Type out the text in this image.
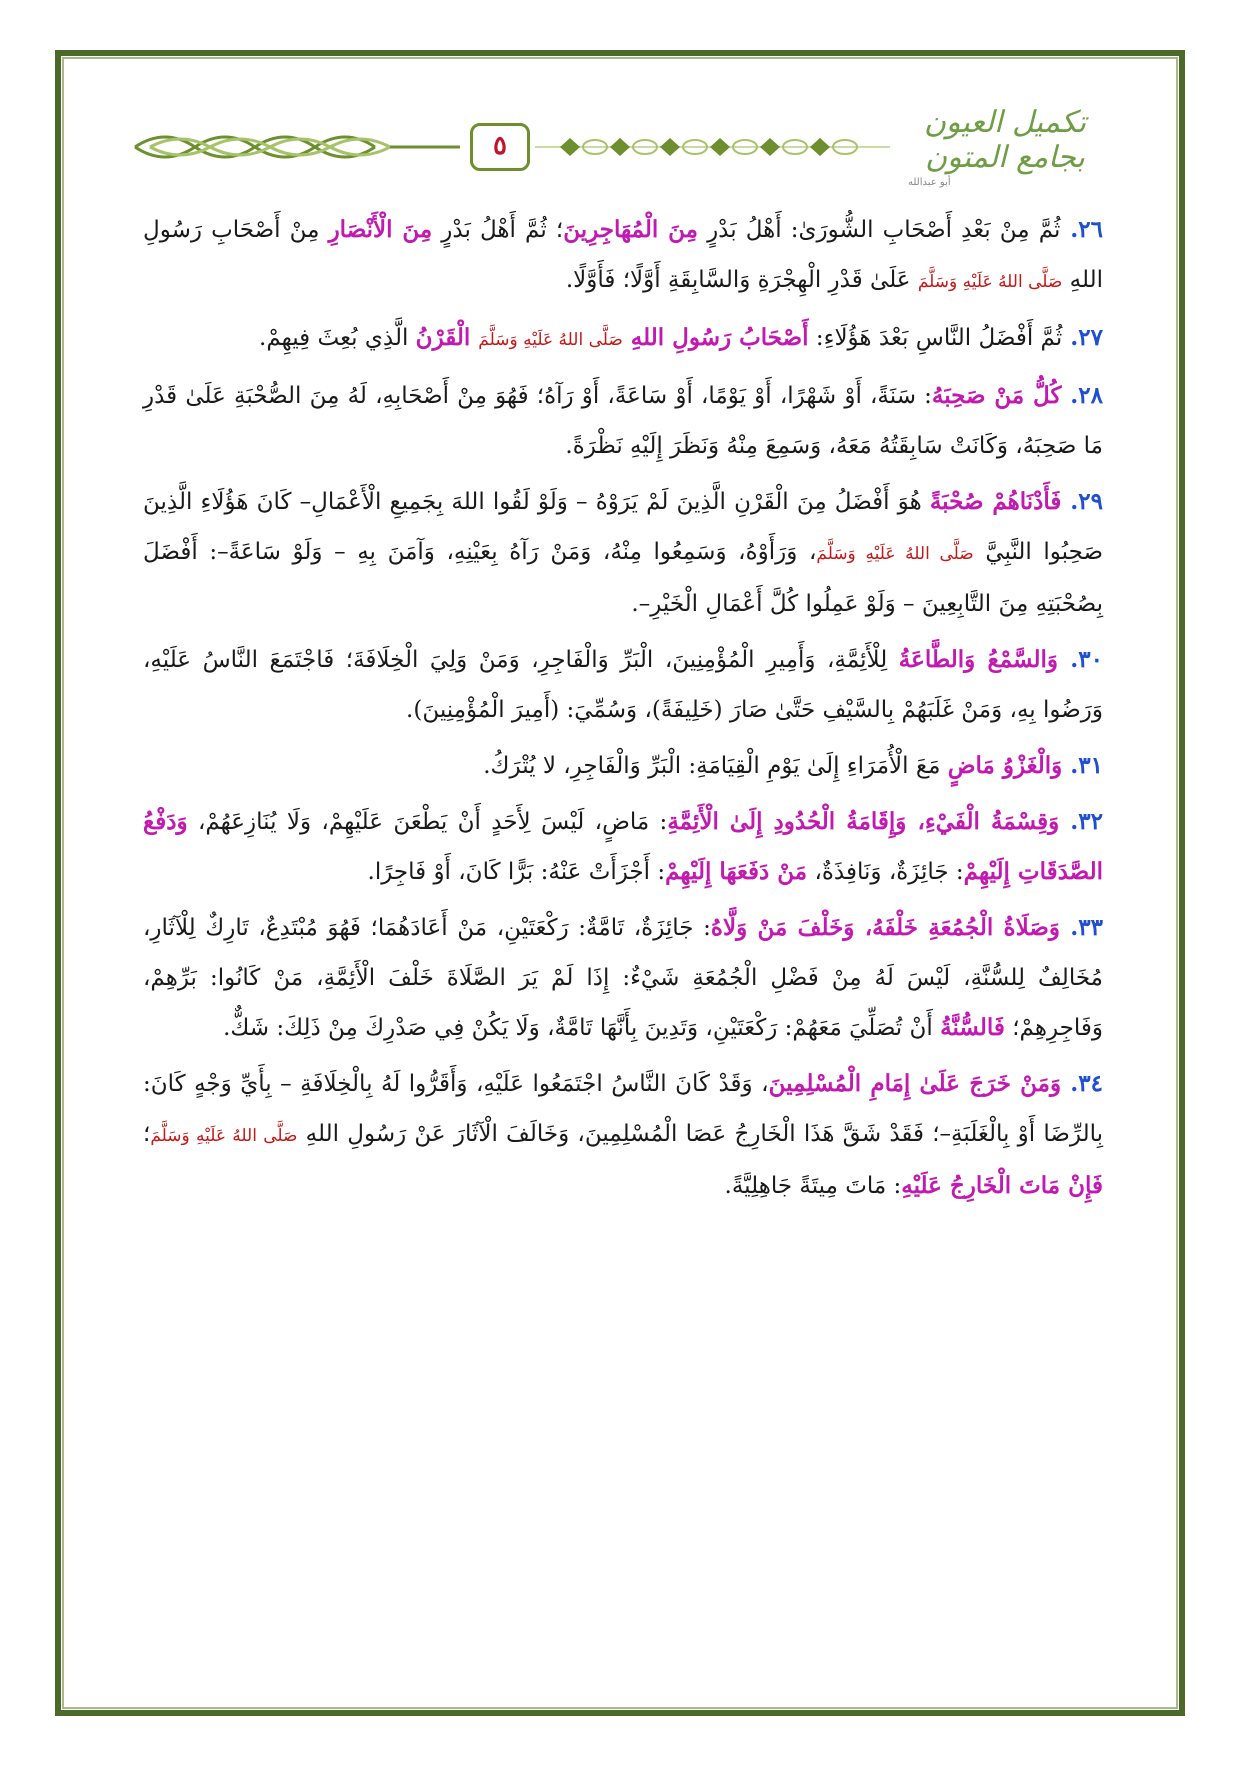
٥
تكميل العيون
بجامع المتون
أبو عبدالله

٢٦. ثُمَّ مِنْ بَعْدِ أَصْحَابِ الشُّورَىٰ: أَهْلُ بَدْرٍ مِنَ الْمُهَاجِرِينَ؛ ثُمَّ أَهْلُ بَدْرٍ مِنَ الْأَنْصَارِ مِنْ أَصْحَابِ رَسُولِ اللهِ صَلَّى اللهُ عَلَيْهِ وَسَلَّمَ عَلَىٰ قَدْرِ الْهِجْرَةِ وَالسَّابِقَةِ أَوَّلًا؛ فَأَوَّلًا.

٢٧. ثُمَّ أَفْضَلُ النَّاسِ بَعْدَ هَؤُلَاءِ: أَصْحَابُ رَسُولِ اللهِ صَلَّى اللهُ عَلَيْهِ وَسَلَّمَ الْقَرْنُ الَّذِي بُعِثَ فِيهِمْ.

٢٨. كُلُّ مَنْ صَحِبَهُ: سَنَةً، أَوْ شَهْرًا، أَوْ يَوْمًا، أَوْ سَاعَةً، أَوْ رَآهُ؛ فَهُوَ مِنْ أَصْحَابِهِ، لَهُ مِنَ الصُّحْبَةِ عَلَىٰ قَدْرِ مَا صَحِبَهُ، وَكَانَتْ سَابِقَتُهُ مَعَهُ، وَسَمِعَ مِنْهُ وَنَظَرَ إِلَيْهِ نَظْرَةً.

٢٩. فَأَدْنَاهُمْ صُحْبَةً هُوَ أَفْضَلُ مِنَ الْقَرْنِ الَّذِينَ لَمْ يَرَوْهُ – وَلَوْ لَقُوا اللهَ بِجَمِيعِ الْأَعْمَالِ– كَانَ هَؤُلَاءِ الَّذِينَ صَحِبُوا النَّبِيَّ صَلَّى اللهُ عَلَيْهِ وَسَلَّمَ، وَرَأَوْهُ، وَسَمِعُوا مِنْهُ، وَمَنْ رَآهُ بِعَيْنِهِ، وَآمَنَ بِهِ – وَلَوْ سَاعَةً–: أَفْضَلَ بِصُحْبَتِهِ مِنَ التَّابِعِينَ – وَلَوْ عَمِلُوا كُلَّ أَعْمَالِ الْخَيْرِ–.

٣٠. وَالسَّمْعُ وَالطَّاعَةُ لِلْأَئِمَّةِ، وَأَمِيرِ الْمُؤْمِنِينَ، الْبَرِّ وَالْفَاجِرِ، وَمَنْ وَلِيَ الْخِلَافَةَ؛ فَاجْتَمَعَ النَّاسُ عَلَيْهِ، وَرَضُوا بِهِ، وَمَنْ غَلَبَهُمْ بِالسَّيْفِ حَتَّىٰ صَارَ (خَلِيفَةً)، وَسُمِّيَ: (أَمِيرَ الْمُؤْمِنِينَ).

٣١. وَالْغَزْوُ مَاضٍ مَعَ الْأُمَرَاءِ إِلَىٰ يَوْمِ الْقِيَامَةِ: الْبَرِّ وَالْفَاجِرِ، لا يُتْرَكُ.

٣٢. وَقِسْمَةُ الْفَيْءِ، وَإِقَامَةُ الْحُدُودِ إِلَىٰ الْأَئِمَّةِ: مَاضٍ، لَيْسَ لِأَحَدٍ أَنْ يَطْعَنَ عَلَيْهِمْ، وَلَا يُنَازِعَهُمْ، وَدَفْعُ الصَّدَقَاتِ إِلَيْهِمْ: جَائِزَةٌ، وَنَافِذَةٌ، مَنْ دَفَعَهَا إِلَيْهِمْ: أَجْزَأَتْ عَنْهُ: بَرًّا كَانَ، أَوْ فَاجِرًا.

٣٣. وَصَلَاةُ الْجُمُعَةِ خَلْفَهُ، وَخَلْفَ مَنْ وَلَّاهُ: جَائِزَةٌ، تَامَّةٌ: رَكْعَتَيْنِ، مَنْ أَعَادَهُمَا؛ فَهُوَ مُبْتَدِعٌ، تَارِكٌ لِلْآثَارِ، مُخَالِفٌ لِلسُّنَّةِ، لَيْسَ لَهُ مِنْ فَضْلِ الْجُمُعَةِ شَيْءٌ: إِذَا لَمْ يَرَ الصَّلَاةَ خَلْفَ الْأَئِمَّةِ، مَنْ كَانُوا: بَرِّهِمْ، وَفَاجِرِهِمْ؛ فَالسُّنَّةُ أَنْ تُصَلِّيَ مَعَهُمْ: رَكْعَتَيْنِ، وَتَدِينَ بِأَنَّهَا تَامَّةٌ، وَلَا يَكُنْ فِي صَدْرِكَ مِنْ ذَلِكَ: شَكٌّ.

٣٤. وَمَنْ خَرَجَ عَلَىٰ إِمَامِ الْمُسْلِمِينَ، وَقَدْ كَانَ النَّاسُ اجْتَمَعُوا عَلَيْهِ، وَأَقَرُّوا لَهُ بِالْخِلَافَةِ – بِأَيِّ وَجْهٍ كَانَ: بِالرِّضَا أَوْ بِالْغَلَبَةِ–؛ فَقَدْ شَقَّ هَذَا الْخَارِجُ عَصَا الْمُسْلِمِينَ، وَخَالَفَ الْآثَارَ عَنْ رَسُولِ اللهِ صَلَّى اللهُ عَلَيْهِ وَسَلَّمَ؛ فَإِنْ مَاتَ الْخَارِجُ عَلَيْهِ: مَاتَ مِيتَةً جَاهِلِيَّةً.
